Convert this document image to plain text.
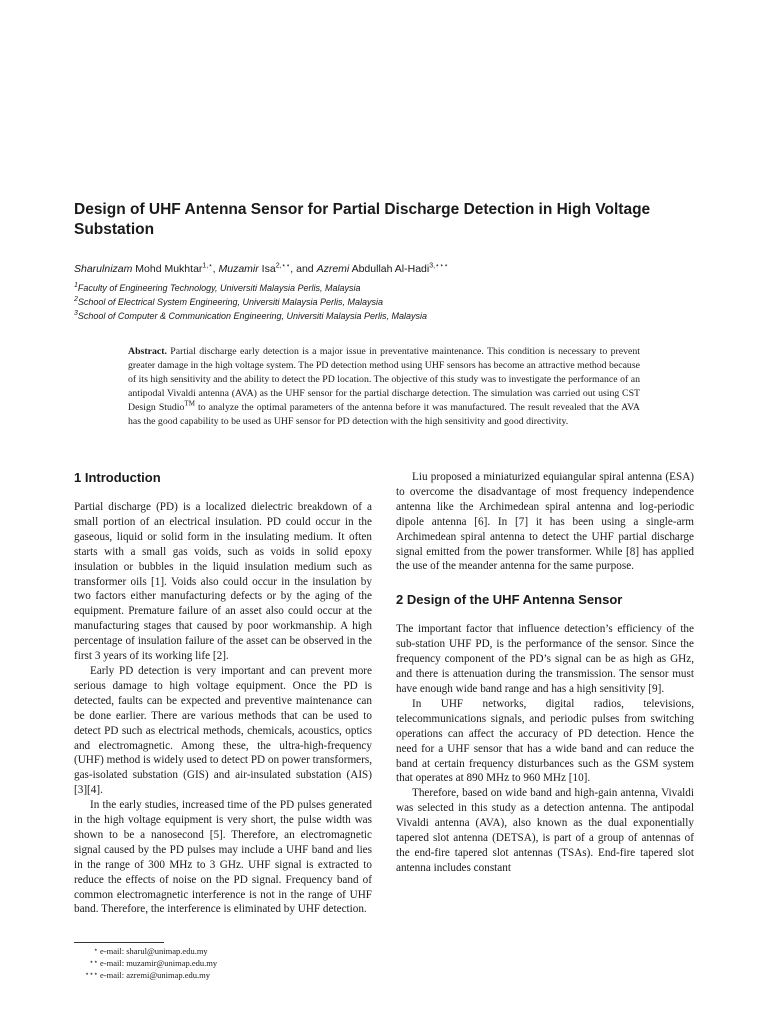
Design of UHF Antenna Sensor for Partial Discharge Detection in High Voltage Substation
Sharulnizam Mohd Mukhtar$^{1,⋆}$, Muzamir Isa$^{2,⋆⋆}$, and Azremi Abdullah Al-Hadi$^{3,⋆⋆⋆}$
$^1$Faculty of Engineering Technology, Universiti Malaysia Perlis, Malaysia
$^2$School of Electrical System Engineering, Universiti Malaysia Perlis, Malaysia
$^3$School of Computer & Communication Engineering, Universiti Malaysia Perlis, Malaysia
Abstract. Partial discharge early detection is a major issue in preventative maintenance. This condition is necessary to prevent greater damage in the high voltage system. The PD detection method using UHF sensors has become an attractive method because of its high sensitivity and the ability to detect the PD location. The objective of this study was to investigate the performance of an antipodal Vivaldi antenna (AVA) as the UHF sensor for the partial discharge detection. The simulation was carried out using CST Design Studio™ to analyze the optimal parameters of the antenna before it was manufactured. The result revealed that the AVA has the good capability to be used as UHF sensor for PD detection with the high sensitivity and good directivity.
1 Introduction

Partial discharge (PD) is a localized dielectric breakdown of a small portion of an electrical insulation. PD could occur in the gaseous, liquid or solid form in the insulating medium. It often starts with a small gas voids, such as voids in solid epoxy insulation or bubbles in the liquid insulation medium such as transformer oils [1]. Voids also could occur in the insulation by two factors either manufacturing defects or by the aging of the equipment. Premature failure of an asset also could occur at the manufacturing stages that caused by poor workmanship. A high percentage of insulation failure of the asset can be observed in the first 3 years of its working life [2].

Early PD detection is very important and can prevent more serious damage to high voltage equipment. Once the PD is detected, faults can be expected and preventive maintenance can be done earlier. There are various methods that can be used to detect PD such as electrical methods, chemicals, acoustics, optics and electromagnetic. Among these, the ultra-high-frequency (UHF) method is widely used to detect PD on power transformers, gas-isolated substation (GIS) and air-insulated substation (AIS) [3][4].

In the early studies, increased time of the PD pulses generated in the high voltage equipment is very short, the pulse width was shown to be a nanosecond [5]. Therefore, an electromagnetic signal caused by the PD pulses may include a UHF band and lies in the range of 300 MHz to 3 GHz. UHF signal is extracted to reduce the effects of noise on the PD signal. Frequency band of common electromagnetic interference is not in the range of UHF band. Therefore, the interference is eliminated by UHF detection.

Liu proposed a miniaturized equiangular spiral antenna (ESA) to overcome the disadvantage of most frequency independence antenna like the Archimedean spiral antenna and log-periodic dipole antenna [6]. In [7] it has been using a single-arm Archimedean spiral antenna to detect the UHF partial discharge signal emitted from the power transformer. While [8] has applied the use of the meander antenna for the same purpose.

2 Design of the UHF Antenna Sensor

The important factor that influence detection’s efficiency of the sub-station UHF PD, is the performance of the sensor. Since the frequency component of the PD’s signal can be as high as GHz, and there is attenuation during the transmission. The sensor must have enough wide band range and has a high sensitivity [9].

In UHF networks, digital radios, televisions, telecommunications signals, and periodic pulses from switching operations can affect the accuracy of PD detection. Hence the need for a UHF sensor that has a wide band and can reduce the band at certain frequency disturbances such as the GSM system that operates at 890 MHz to 960 MHz [10].

Therefore, based on wide band and high-gain antenna, Vivaldi was selected in this study as a detection antenna. The antipodal Vivaldi antenna (AVA), also known as the dual exponentially tapered slot antenna (DETSA), is part of a group of antennas of the end-fire tapered slot antennas (TSAs). End-fire tapered slot antenna includes constant

⋆ e-mail: sharul@unimap.edu.my
⋆⋆ e-mail: muzamir@unimap.edu.my
⋆⋆⋆ e-mail: azremi@unimap.edu.my
